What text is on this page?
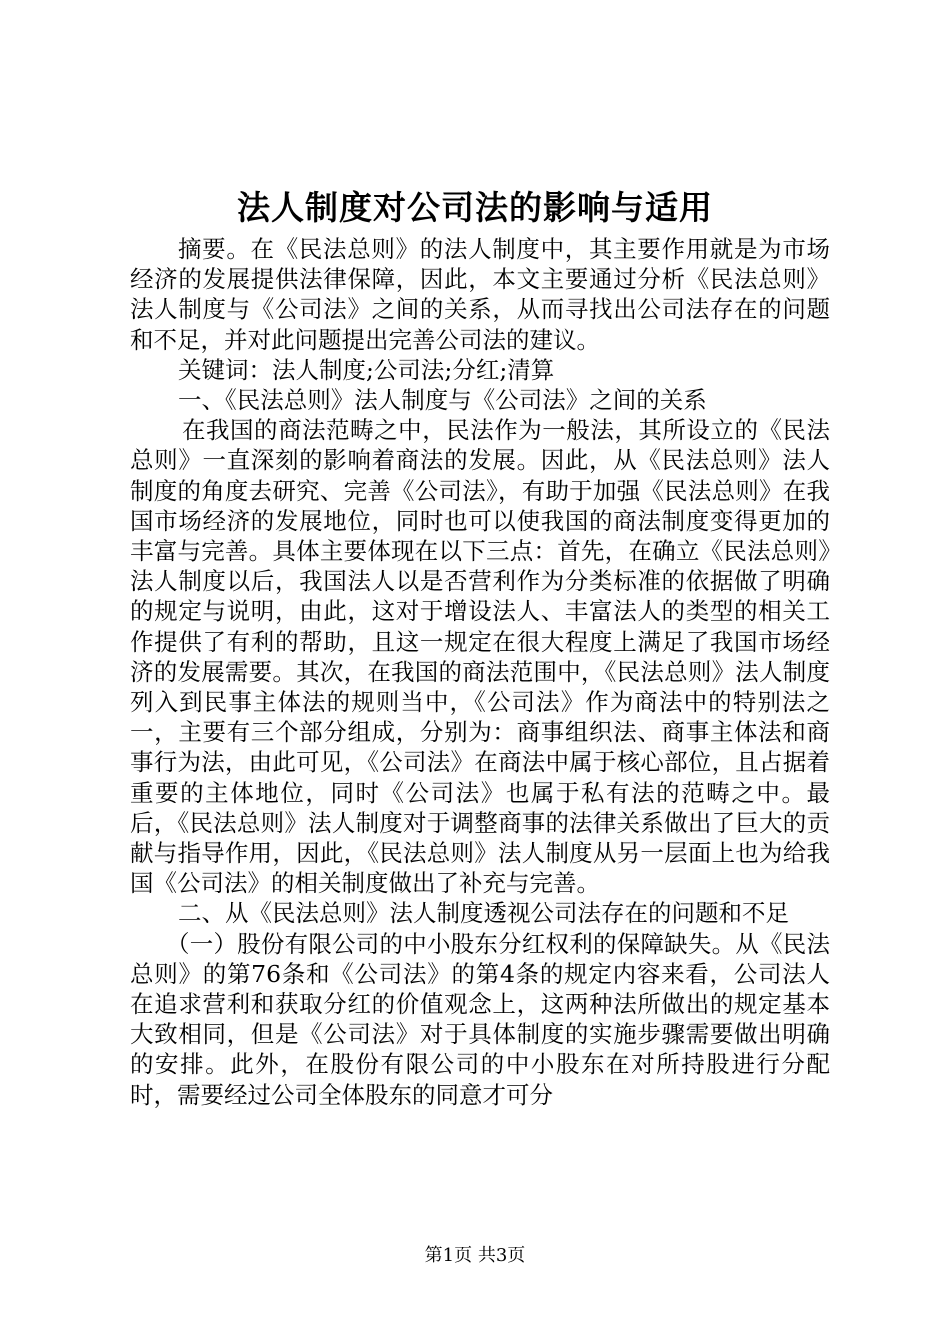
法人制度对公司法的影响与适用

摘要。在《民法总则》的法人制度中，其主要作用就是为市场经济的发展提供法律保障，因此，本文主要通过分析《民法总则》法人制度与《公司法》之间的关系，从而寻找出公司法存在的问题和不足，并对此问题提出完善公司法的建议。

关键词：法人制度;公司法;分红;清算

一、《民法总则》法人制度与《公司法》之间的关系

在我国的商法范畴之中，民法作为一般法，其所设立的《民法总则》一直深刻的影响着商法的发展。因此，从《民法总则》法人制度的角度去研究、完善《公司法》，有助于加强《民法总则》在我国市场经济的发展地位，同时也可以使我国的商法制度变得更加的丰富与完善。具体主要体现在以下三点：首先，在确立《民法总则》法人制度以后，我国法人以是否营利作为分类标准的依据做了明确的规定与说明，由此，这对于增设法人、丰富法人的类型的相关工作提供了有利的帮助，且这一规定在很大程度上满足了我国市场经济的发展需要。其次，在我国的商法范围中，《民法总则》法人制度列入到民事主体法的规则当中，《公司法》作为商法中的特别法之一，主要有三个部分组成，分别为：商事组织法、商事主体法和商事行为法，由此可见，《公司法》在商法中属于核心部位，且占据着重要的主体地位，同时《公司法》也属于私有法的范畴之中。最后，《民法总则》法人制度对于调整商事的法律关系做出了巨大的贡献与指导作用，因此，《民法总则》法人制度从另一层面上也为给我国《公司法》的相关制度做出了补充与完善。

二、从《民法总则》法人制度透视公司法存在的问题和不足

（一）股份有限公司的中小股东分红权利的保障缺失。从《民法总则》的第76条和《公司法》的第4条的规定内容来看，公司法人在追求营利和获取分红的价值观念上，这两种法所做出的规定基本大致相同，但是《公司法》对于具体制度的实施步骤需要做出明确的安排。此外，在股份有限公司的中小股东在对所持股进行分配时，需要经过公司全体股东的同意才可分

第1页 共3页
